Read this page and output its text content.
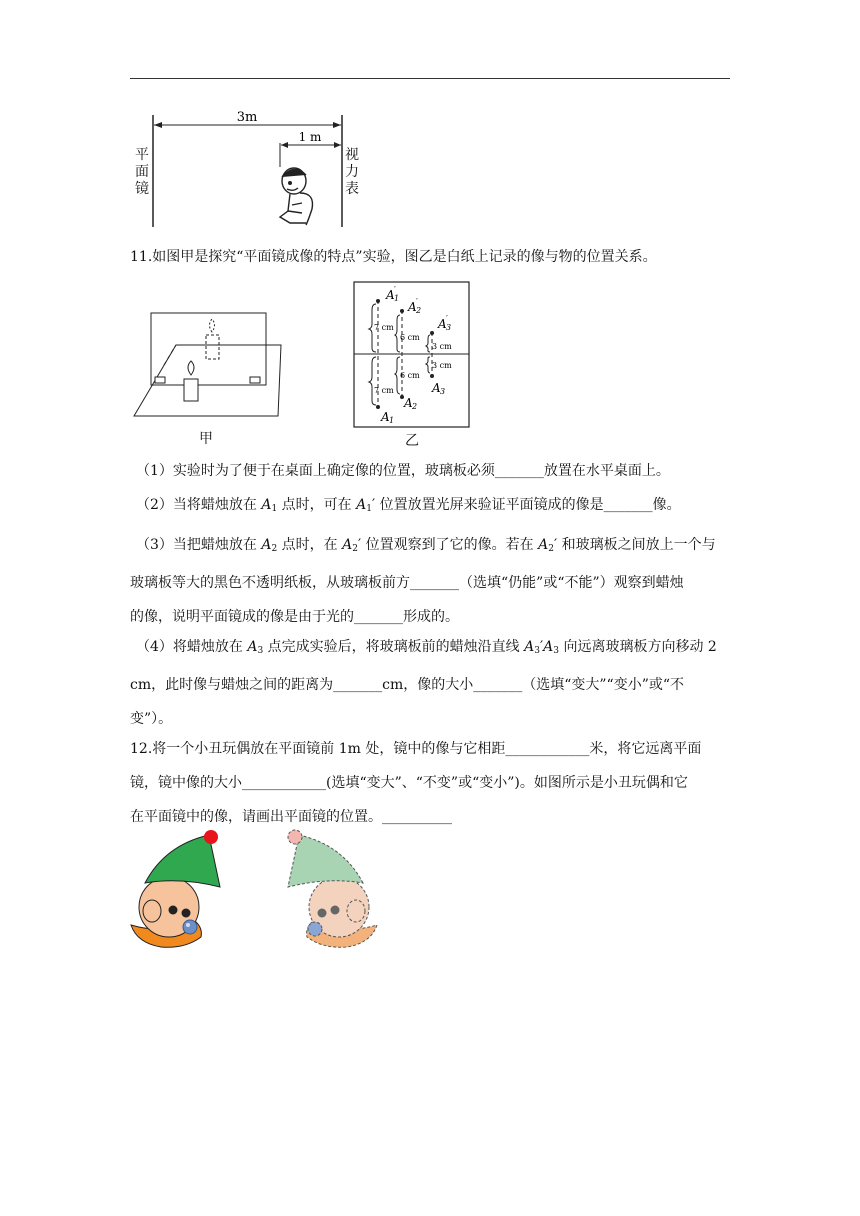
3m
1 m
平
面
镜
视
力
表
11.如图甲是探究“平面镜成像的特点”实验，图乙是白纸上记录的像与物的位置关系。
甲
7 cm
7 cm
6 cm
6 cm
3 cm
3 cm
A
A
A
A
A
A
1
′
2
′
3
′
1
2
3
乙
（1）实验时为了便于在桌面上确定像的位置，玻璃板必须_______放置在水平桌面上。
（2）当将蜡烛放在 $A_1$ 点时，可在 $A_1'$ 位置放置光屏来验证平面镜成的像是_______像。
（3）当把蜡烛放在 $A_2$ 点时，在 $A_2'$ 位置观察到了它的像。若在 $A_2'$ 和玻璃板之间放上一个与
玻璃板等大的黑色不透明纸板，从玻璃板前方_______（选填“仍能”或“不能”）观察到蜡烛
的像，说明平面镜成的像是由于光的_______形成的。
（4）将蜡烛放在 $A_3$ 点完成实验后，将玻璃板前的蜡烛沿直线 $A_3'A_3$ 向远离玻璃板方向移动 2
cm，此时像与蜡烛之间的距离为_______cm，像的大小_______（选填“变大”“变小”或“不
变”）。
12.将一个小丑玩偶放在平面镜前 1m 处，镜中的像与它相距____________米，将它远离平面
镜，镜中像的大小____________(选填“变大”、“不变”或“变小”)。如图所示是小丑玩偶和它
在平面镜中的像，请画出平面镜的位置。__________
